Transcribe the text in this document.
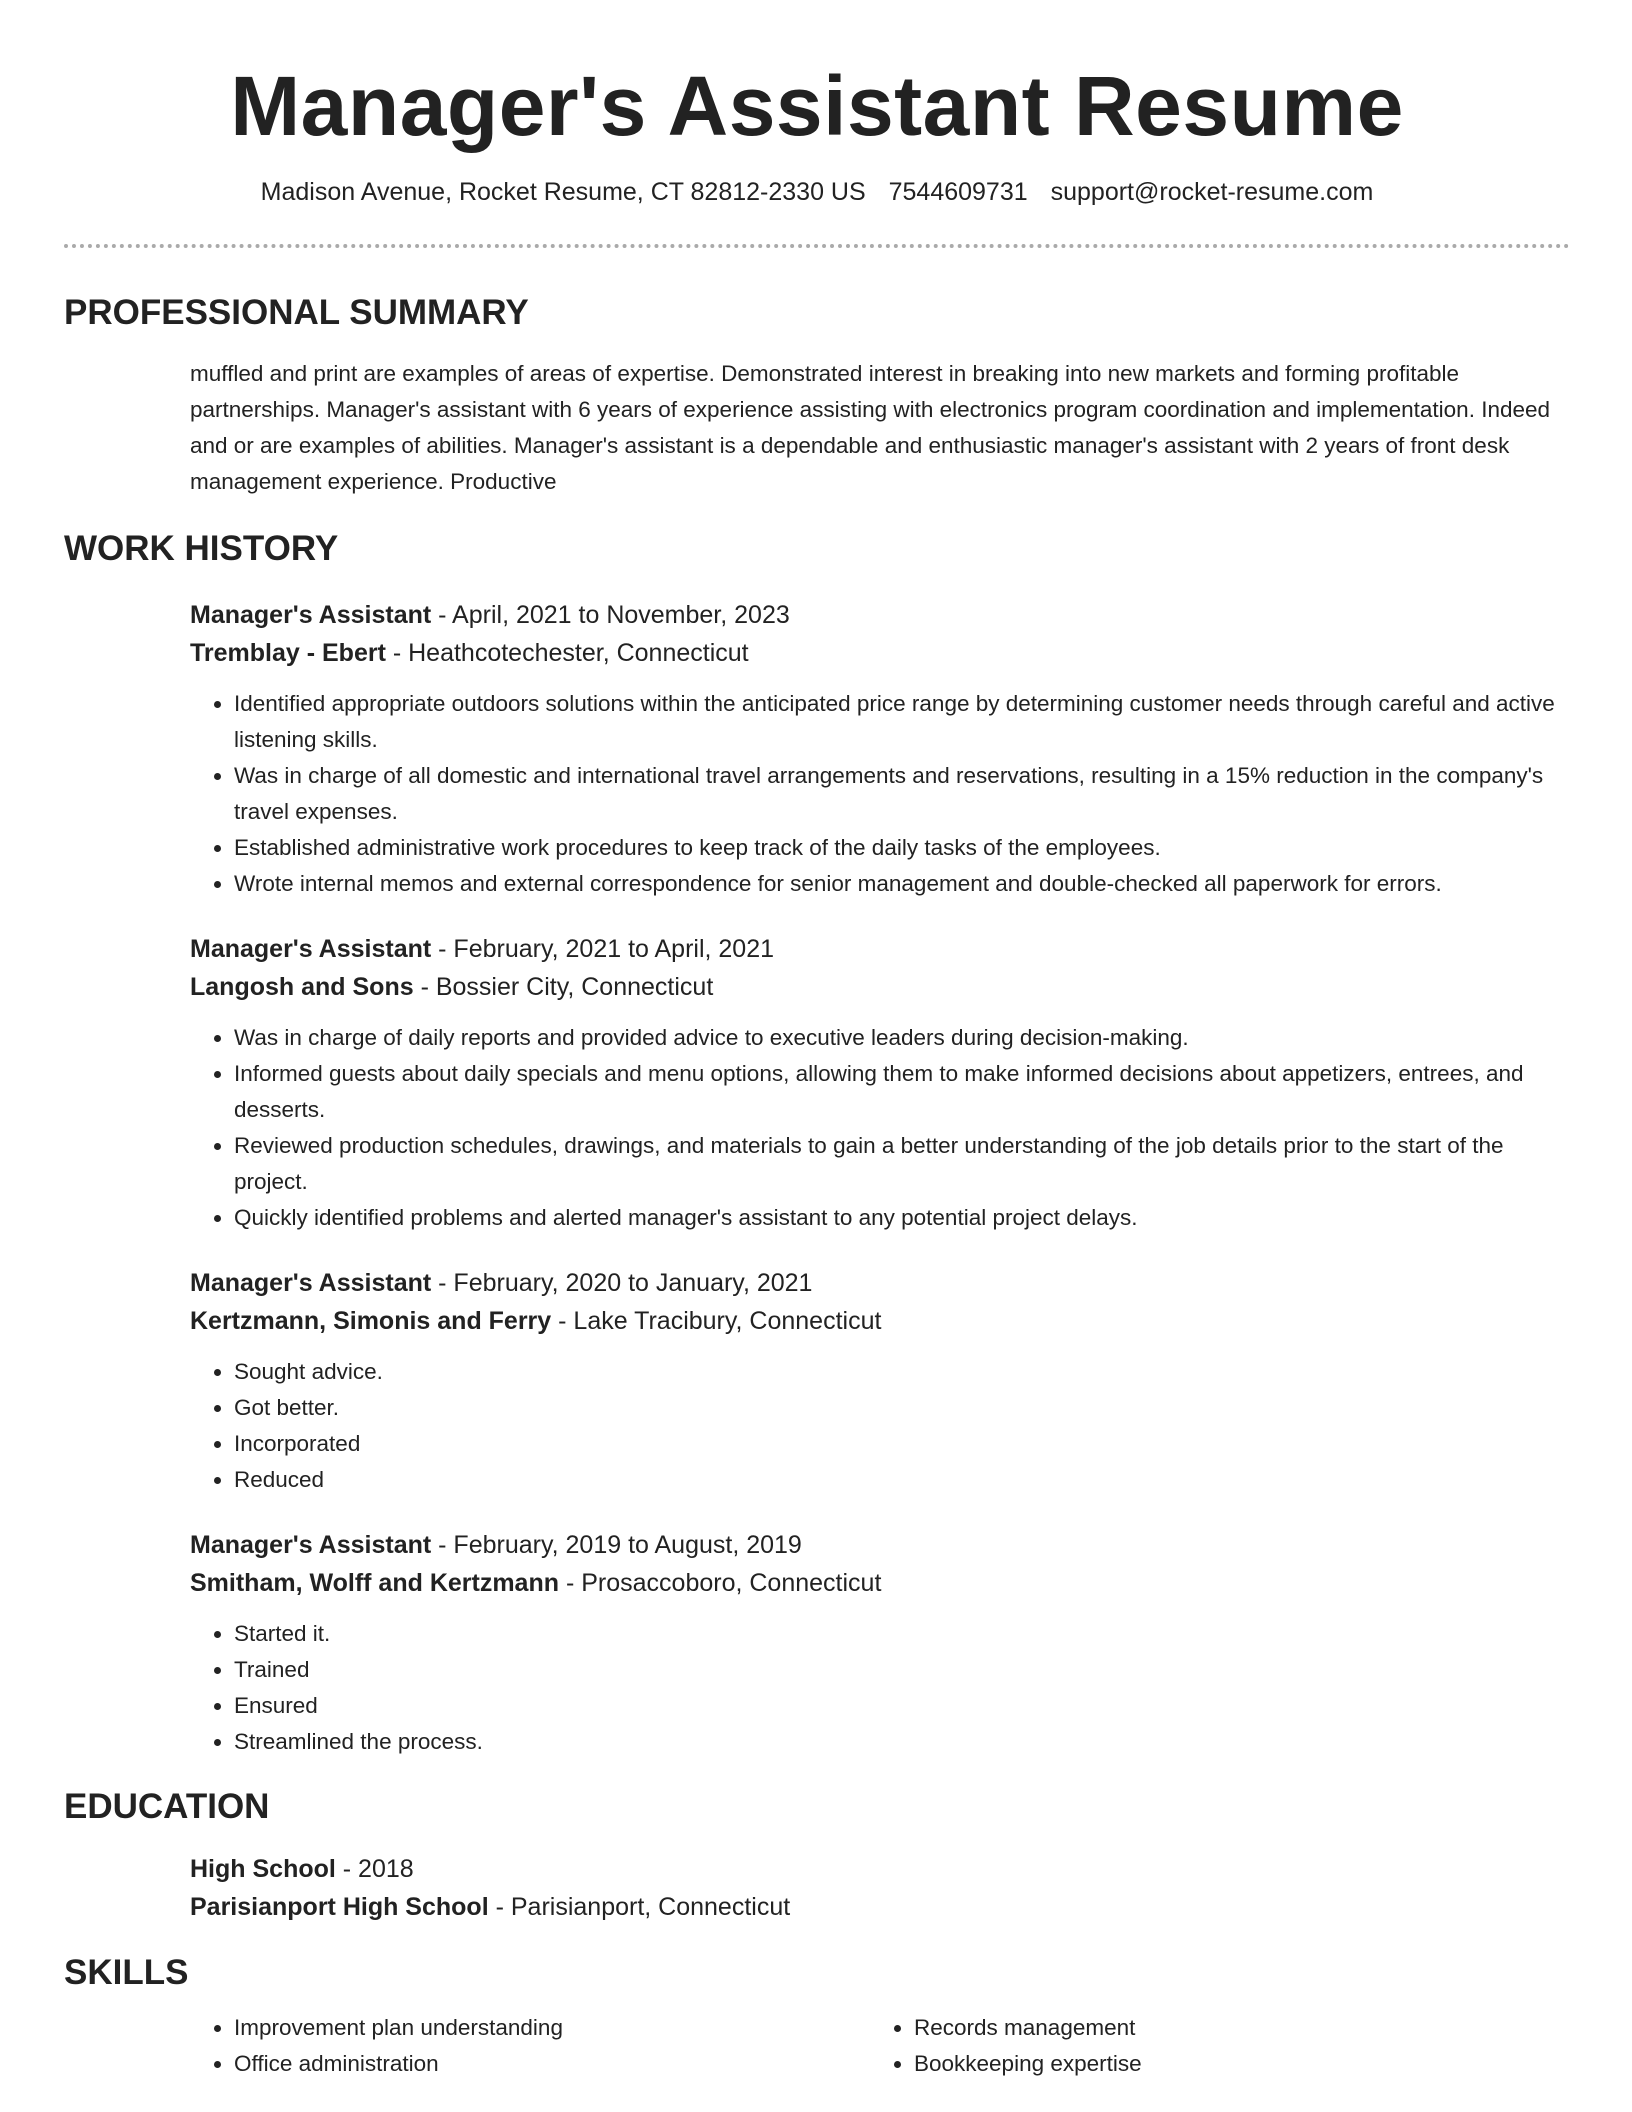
Manager's Assistant Resume
Madison Avenue, Rocket Resume, CT 82812-2330 US 7544609731 support@rocket-resume.com
PROFESSIONAL SUMMARY
muffled and print are examples of areas of expertise. Demonstrated interest in breaking into new markets and forming profitable partnerships. Manager's assistant with 6 years of experience assisting with electronics program coordination and implementation. Indeed and or are examples of abilities. Manager's assistant is a dependable and enthusiastic manager's assistant with 2 years of front desk management experience. Productive
WORK HISTORY
Manager's Assistant - April, 2021 to November, 2023
Tremblay - Ebert - Heathcotechester, Connecticut
• Identified appropriate outdoors solutions within the anticipated price range by determining customer needs through careful and active listening skills.
• Was in charge of all domestic and international travel arrangements and reservations, resulting in a 15% reduction in the company's travel expenses.
• Established administrative work procedures to keep track of the daily tasks of the employees.
• Wrote internal memos and external correspondence for senior management and double-checked all paperwork for errors.
Manager's Assistant - February, 2021 to April, 2021
Langosh and Sons - Bossier City, Connecticut
• Was in charge of daily reports and provided advice to executive leaders during decision-making.
• Informed guests about daily specials and menu options, allowing them to make informed decisions about appetizers, entrees, and desserts.
• Reviewed production schedules, drawings, and materials to gain a better understanding of the job details prior to the start of the project.
• Quickly identified problems and alerted manager's assistant to any potential project delays.
Manager's Assistant - February, 2020 to January, 2021
Kertzmann, Simonis and Ferry - Lake Tracibury, Connecticut
• Sought advice.
• Got better.
• Incorporated
• Reduced
Manager's Assistant - February, 2019 to August, 2019
Smitham, Wolff and Kertzmann - Prosaccoboro, Connecticut
• Started it.
• Trained
• Ensured
• Streamlined the process.
EDUCATION
High School - 2018
Parisianport High School - Parisianport, Connecticut
SKILLS
• Improvement plan understanding
• Office administration
• Records management
• Bookkeeping expertise
